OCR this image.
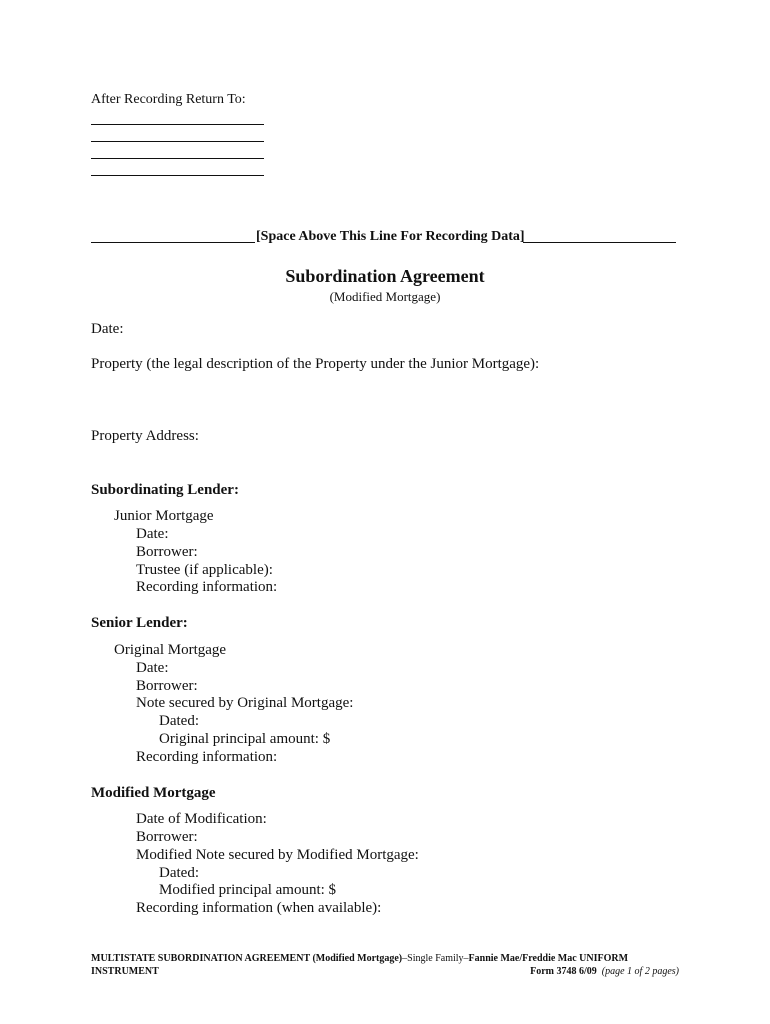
After Recording Return To:
[Space Above This Line For Recording Data]
Subordination Agreement
(Modified Mortgage)
Date:
Property (the legal description of the Property under the Junior Mortgage):
Property Address:
Subordinating Lender:
Junior Mortgage
Date:
Borrower:
Trustee (if applicable):
Recording information:
Senior Lender:
Original Mortgage
Date:
Borrower:
Note secured by Original Mortgage:
Dated:
Original principal amount: $
Recording information:
Modified Mortgage
Date of Modification:
Borrower:
Modified Note secured by Modified Mortgage:
Dated:
Modified principal amount: $
Recording information (when available):
MULTISTATE SUBORDINATION AGREEMENT (Modified Mortgage)–Single Family–Fannie Mae/Freddie Mac UNIFORM
INSTRUMENT	Form 3748 6/09 (page 1 of 2 pages)
